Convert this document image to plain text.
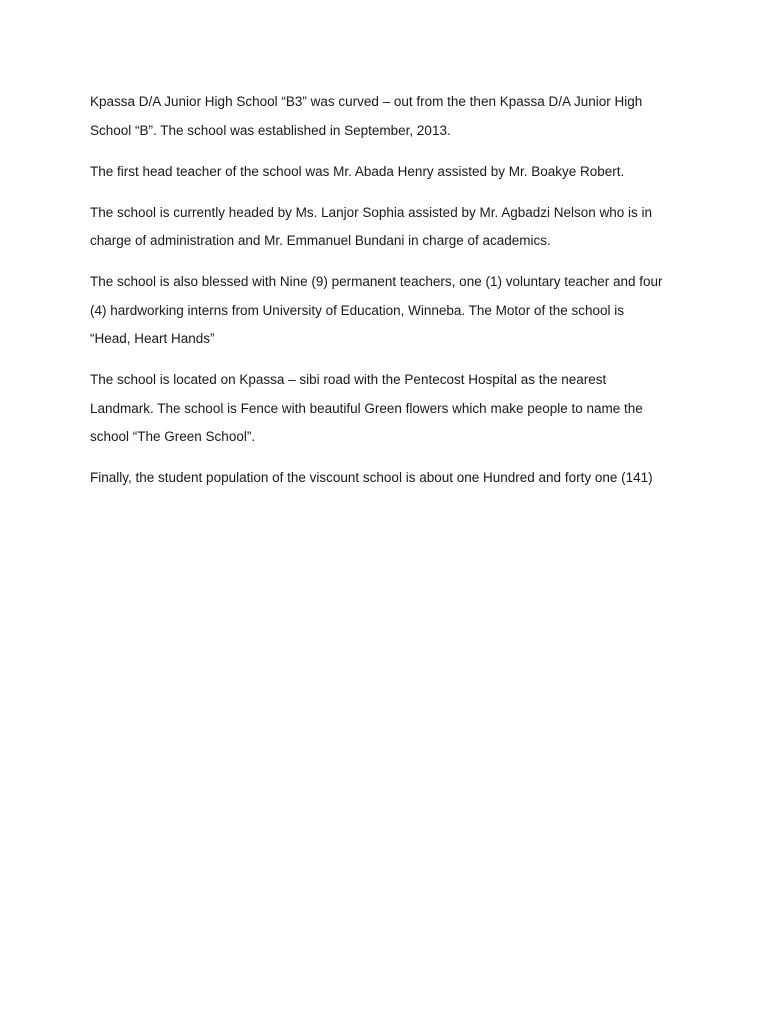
Kpassa D/A Junior High School “B3” was curved – out from the then Kpassa D/A Junior High
School “B”. The school was established in September, 2013.

The first head teacher of the school was Mr. Abada Henry assisted by Mr. Boakye Robert.

The school is currently headed by Ms. Lanjor Sophia assisted by Mr. Agbadzi Nelson who is in
charge of administration and Mr. Emmanuel Bundani in charge of academics.

The school is also blessed with Nine (9) permanent teachers, one (1) voluntary teacher and four
(4) hardworking interns from University of Education, Winneba. The Motor of the school is
“Head, Heart Hands”

The school is located on Kpassa – sibi road with the Pentecost Hospital as the nearest
Landmark. The school is Fence with beautiful Green flowers which make people to name the
school “The Green School”.

Finally, the student population of the viscount school is about one Hundred and forty one (141)
